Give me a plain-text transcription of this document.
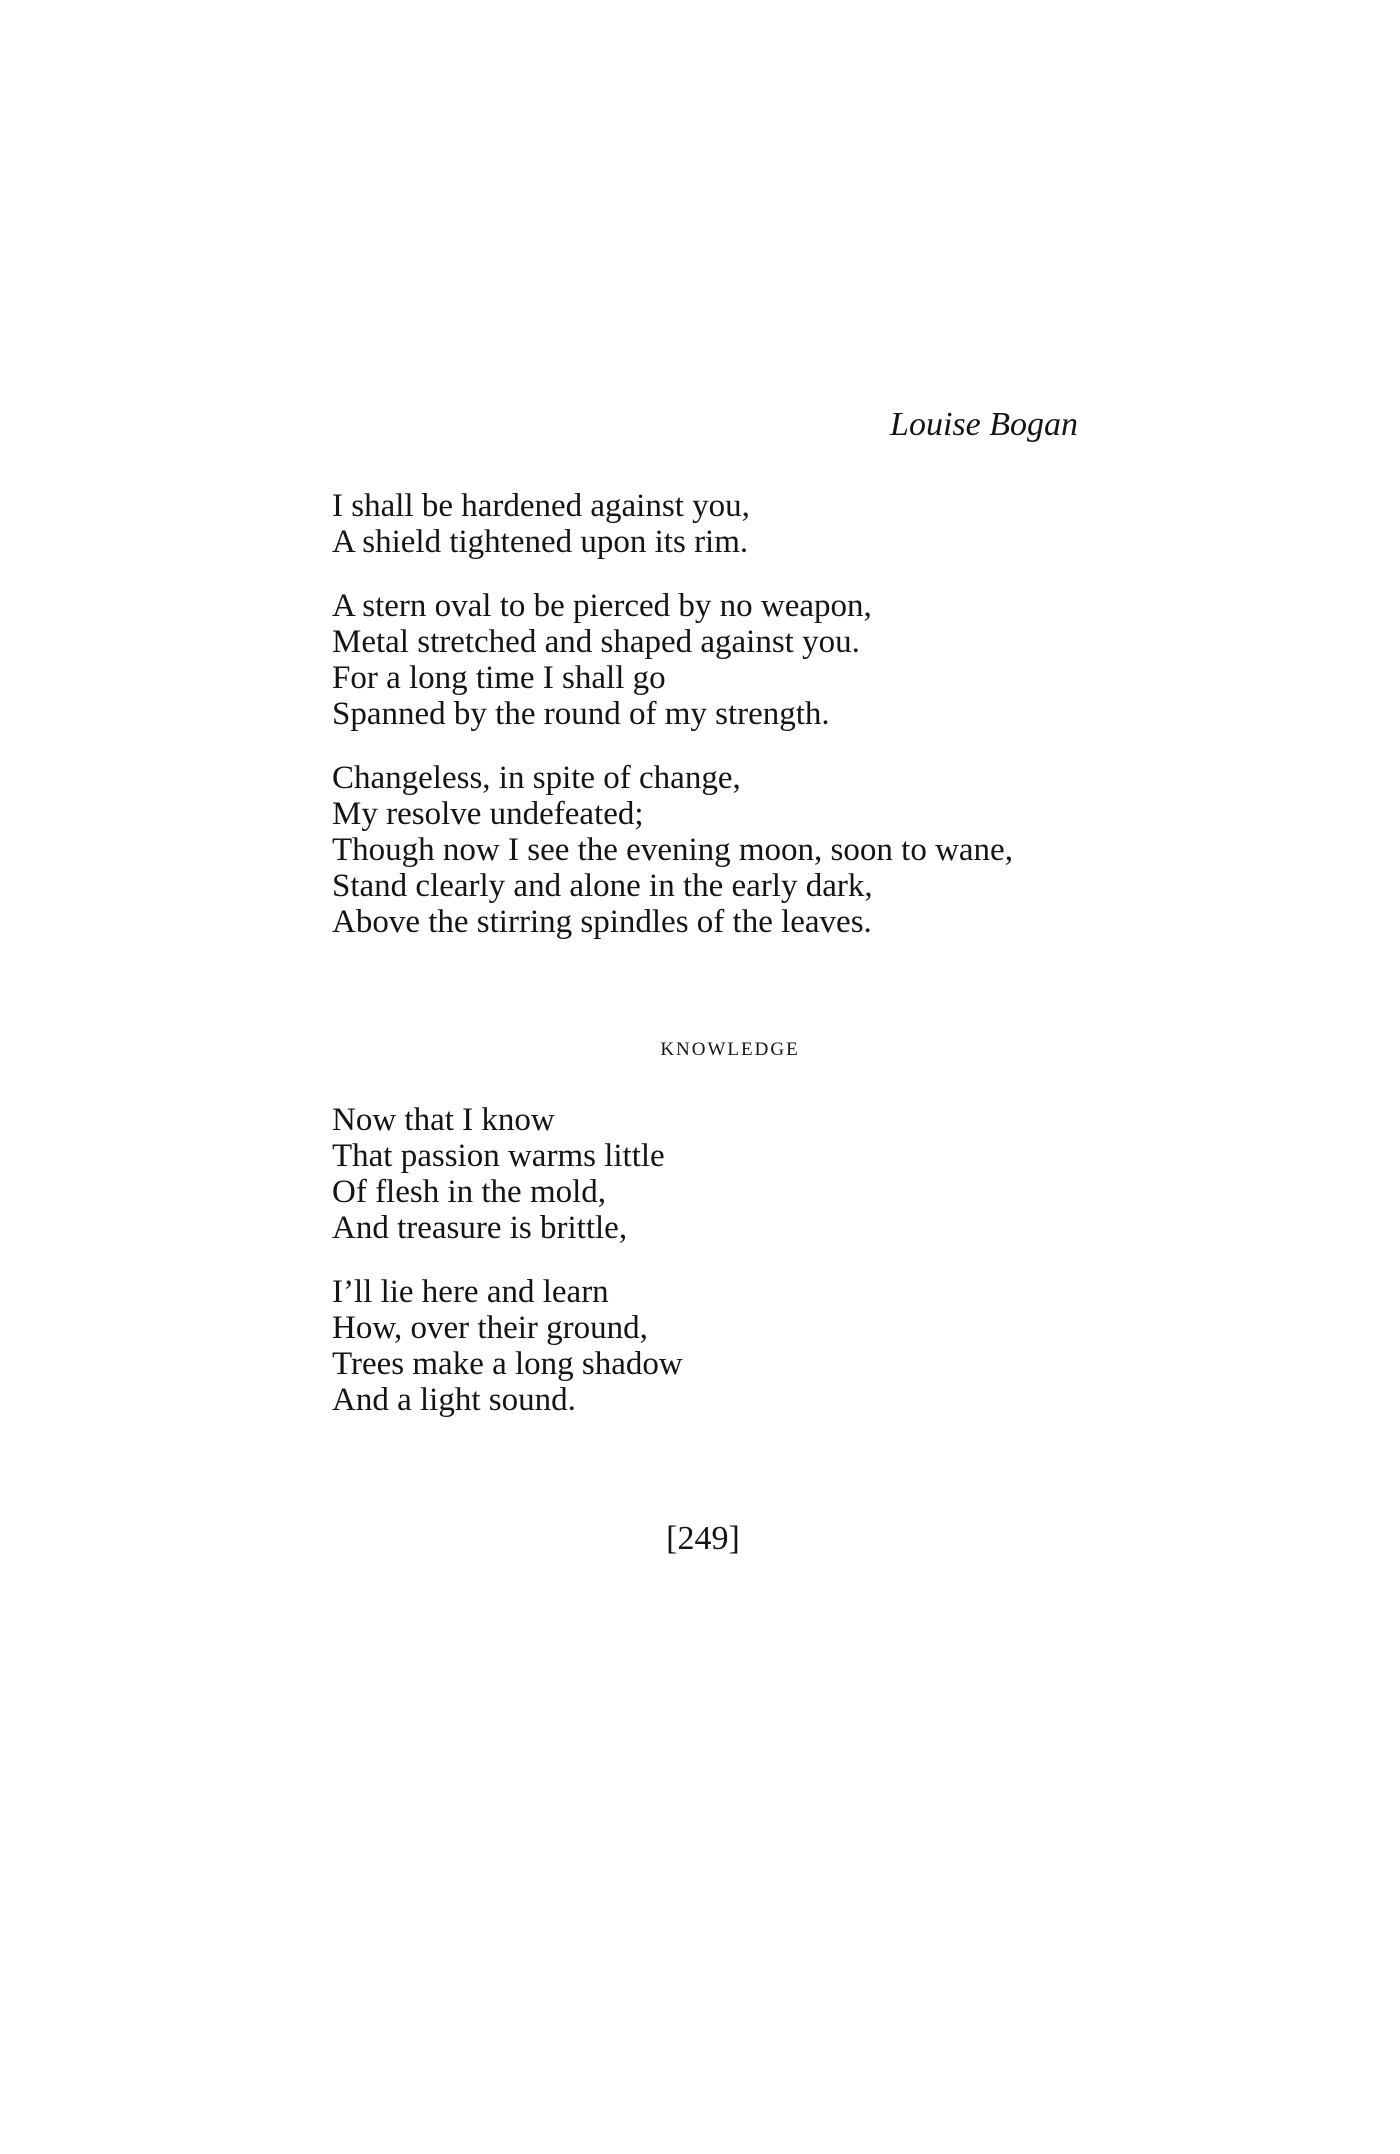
Louise Bogan
I shall be hardened against you,
A shield tightened upon its rim.
A stern oval to be pierced by no weapon,
Metal stretched and shaped against you.
For a long time I shall go
Spanned by the round of my strength.
Changeless, in spite of change,
My resolve undefeated;
Though now I see the evening moon, soon to wane,
Stand clearly and alone in the early dark,
Above the stirring spindles of the leaves.
KNOWLEDGE
Now that I know
That passion warms little
Of flesh in the mold,
And treasure is brittle,
I’ll lie here and learn
How, over their ground,
Trees make a long shadow
And a light sound.
[249]
